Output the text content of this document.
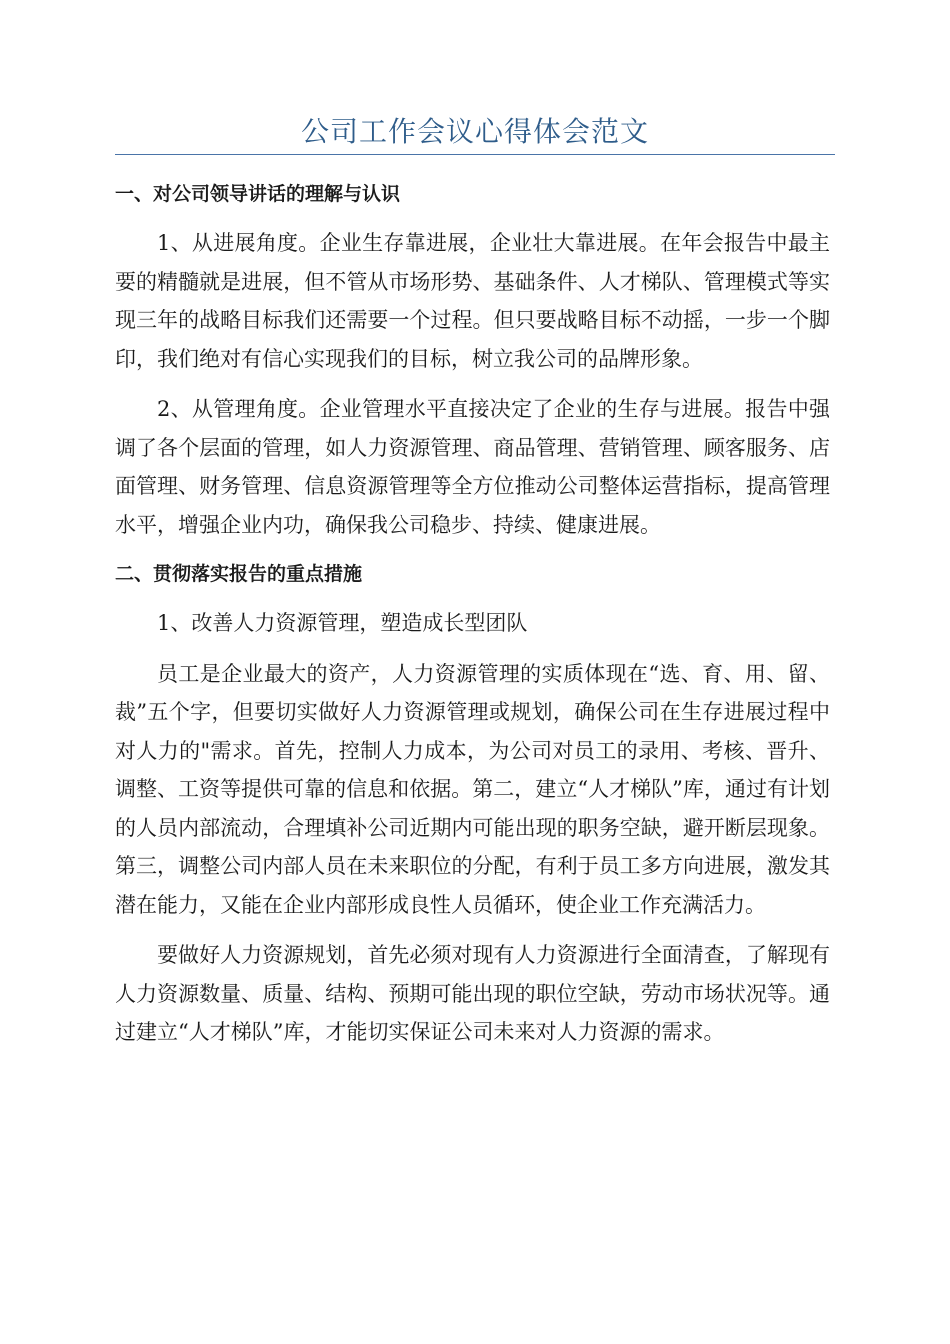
公司工作会议心得体会范文
一、对公司领导讲话的理解与认识

1、从进展角度。企业生存靠进展，企业壮大靠进展。在年会报告中最主要的精髓就是进展，但不管从市场形势、基础条件、人才梯队、管理模式等实现三年的战略目标我们还需要一个过程。但只要战略目标不动摇，一步一个脚印，我们绝对有信心实现我们的目标，树立我公司的品牌形象。

2、从管理角度。企业管理水平直接决定了企业的生存与进展。报告中强调了各个层面的管理，如人力资源管理、商品管理、营销管理、顾客服务、店面管理、财务管理、信息资源管理等全方位推动公司整体运营指标，提高管理水平，增强企业内功，确保我公司稳步、持续、健康进展。

二、贯彻落实报告的重点措施

1、改善人力资源管理，塑造成长型团队

员工是企业最大的资产，人力资源管理的实质体现在“选、育、用、留、裁”五个字，但要切实做好人力资源管理或规划，确保公司在生存进展过程中对人力的"需求。首先，控制人力成本，为公司对员工的录用、考核、晋升、调整、工资等提供可靠的信息和依据。第二，建立“人才梯队”库，通过有计划的人员内部流动，合理填补公司近期内可能出现的职务空缺，避开断层现象。第三，调整公司内部人员在未来职位的分配，有利于员工多方向进展，激发其潜在能力，又能在企业内部形成良性人员循环，使企业工作充满活力。

要做好人力资源规划，首先必须对现有人力资源进行全面清查，了解现有人力资源数量、质量、结构、预期可能出现的职位空缺，劳动市场状况等。通过建立“人才梯队”库，才能切实保证公司未来对人力资源的需求。
